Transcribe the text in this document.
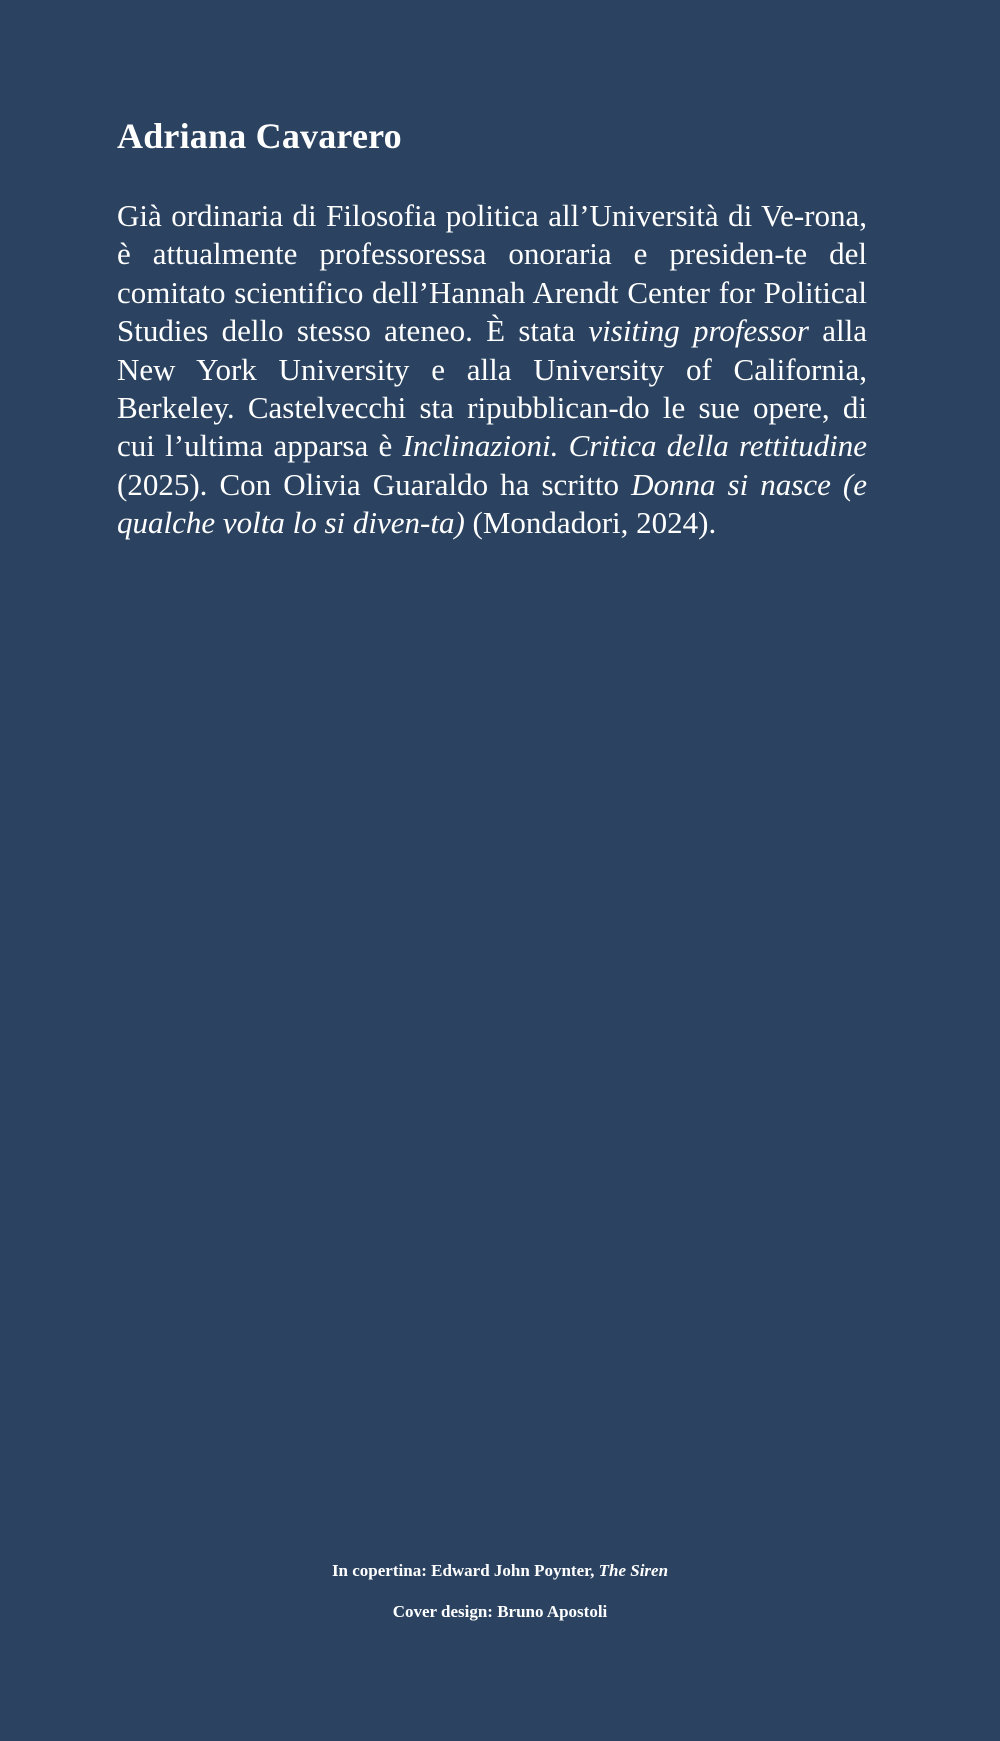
Adriana Cavarero

Già ordinaria di Filosofia politica all’Università di Ve-rona, è attualmente professoressa onoraria e presiden-te del comitato scientifico dell’Hannah Arendt Center for Political Studies dello stesso ateneo. È stata visiting professor alla New York University e alla University of California, Berkeley. Castelvecchi sta ripubblican-do le sue opere, di cui l’ultima apparsa è Inclinazioni. Critica della rettitudine (2025). Con Olivia Guaraldo ha scritto Donna si nasce (e qualche volta lo si diven-ta) (Mondadori, 2024).

In copertina: Edward John Poynter, The Siren
Cover design: Bruno Apostoli
